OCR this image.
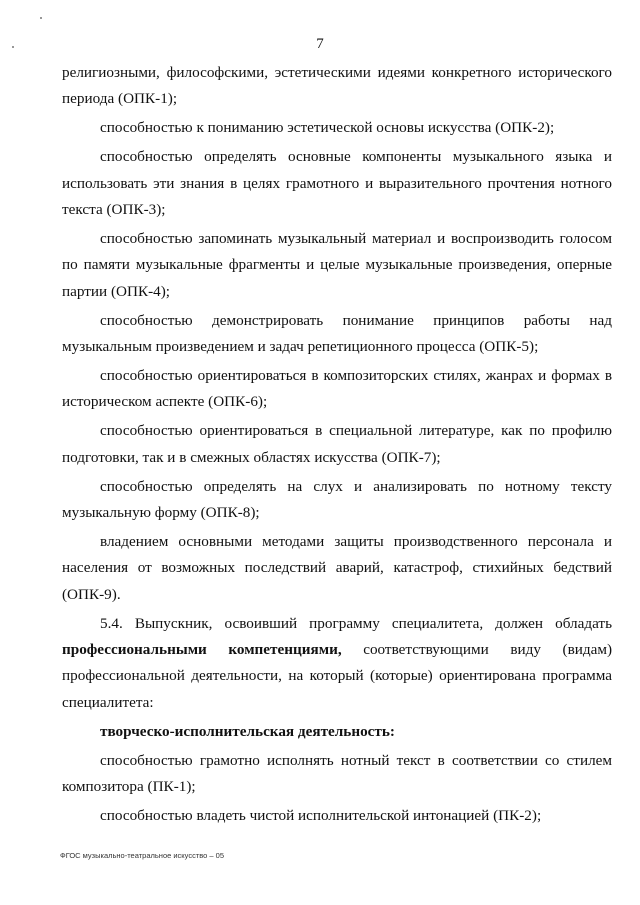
7

религиозными, философскими, эстетическими идеями конкретного исторического периода (ОПК-1);

способностью к пониманию эстетической основы искусства (ОПК-2);

способностью определять основные компоненты музыкального языка и использовать эти знания в целях грамотного и выразительного прочтения нотного текста (ОПК-3);

способностью запоминать музыкальный материал и воспроизводить голосом по памяти музыкальные фрагменты и целые музыкальные произведения, оперные партии (ОПК-4);

способностью демонстрировать понимание принципов работы над музыкальным произведением и задач репетиционного процесса (ОПК-5);

способностью ориентироваться в композиторских стилях, жанрах и формах в историческом аспекте (ОПК-6);

способностью ориентироваться в специальной литературе, как по профилю подготовки, так и в смежных областях искусства (ОПК-7);

способностью определять на слух и анализировать по нотному тексту музыкальную форму (ОПК-8);

владением основными методами защиты производственного персонала и населения от возможных последствий аварий, катастроф, стихийных бедствий (ОПК-9).

5.4. Выпускник, освоивший программу специалитета, должен обладать профессиональными компетенциями, соответствующими виду (видам) профессиональной деятельности, на который (которые) ориентирована программа специалитета:

творческо-исполнительская деятельность:

способностью грамотно исполнять нотный текст в соответствии со стилем композитора (ПК-1);

способностью владеть чистой исполнительской интонацией (ПК-2);

ФГОС музыкально-театральное искусство – 05
